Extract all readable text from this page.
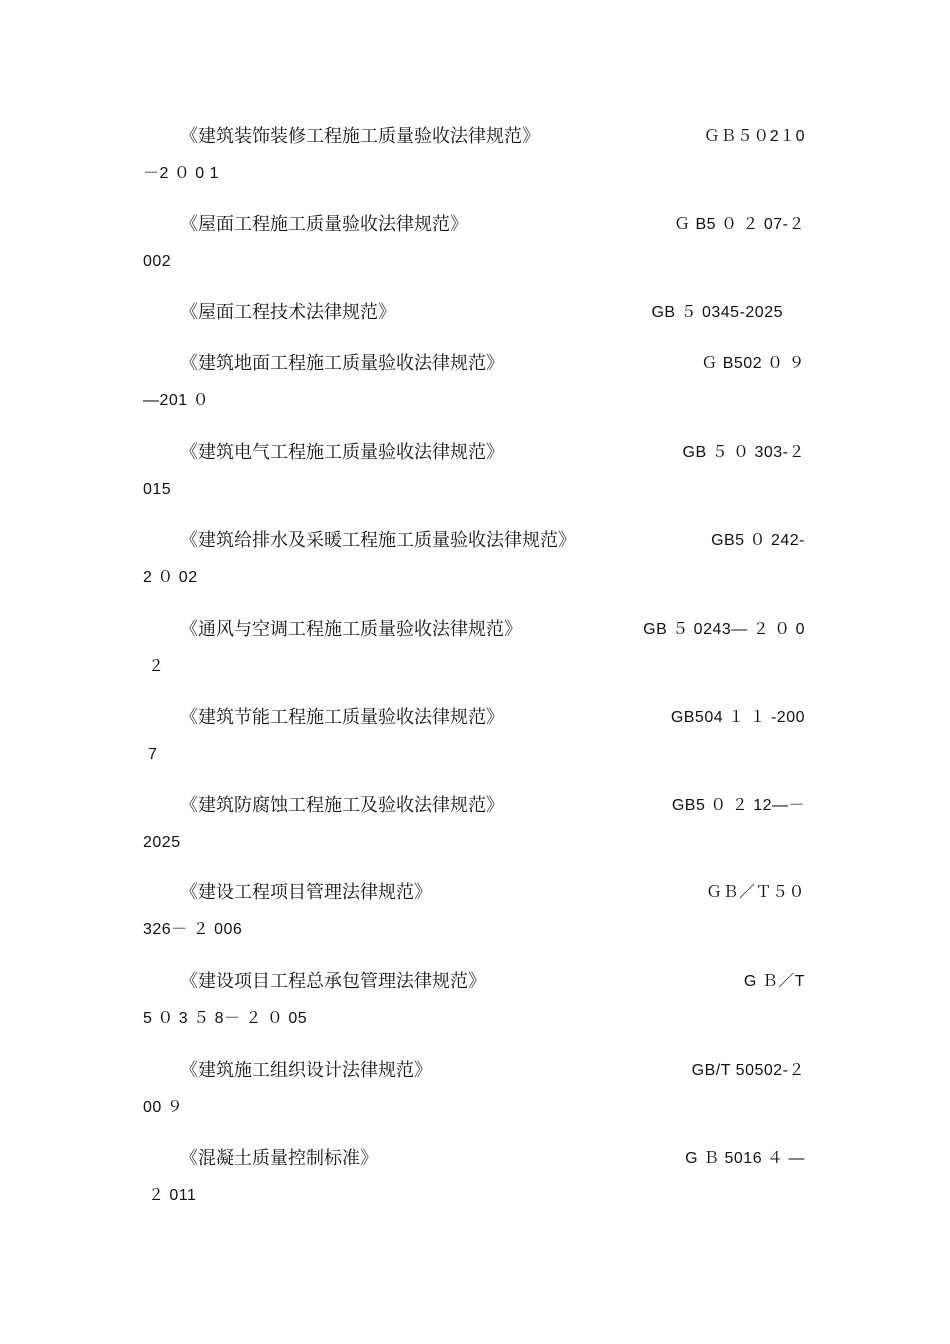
《建筑装饰装修工程施工质量验收法律规范》	ＧＢ５０2１0
－2 ０ 0 1
《屋面工程施工质量验收法律规范》	Ｇ B5 ０ ２ 07-２
002
《屋面工程技术法律规范》	GB ５ 0345-2025
《建筑地面工程施工质量验收法律规范》	Ｇ B502 ０ ９
—201 ０
《建筑电气工程施工质量验收法律规范》	GB ５ ０ 303-２
015
《建筑给排水及采暖工程施工质量验收法律规范》	GB5 ０ 242-
2 ０ 02
《通风与空调工程施工质量验收法律规范》	GB ５ 0243— ２ ０ 0
２
《建筑节能工程施工质量验收法律规范》	GB504 １ １ -200
7
《建筑防腐蚀工程施工及验收法律规范》	GB5 ０ ２ 12—－
2025
《建设工程项目管理法律规范》	ＧＢ／Ｔ５０
326－ ２ 006
《建设项目工程总承包管理法律规范》	G Ｂ／T
5 ０ 3 ５ 8－ ２ ０ 05
《建筑施工组织设计法律规范》	GB/T 50502-２
00 ９
《混凝土质量控制标准》	G Ｂ 5016 ４ —
２ 011
